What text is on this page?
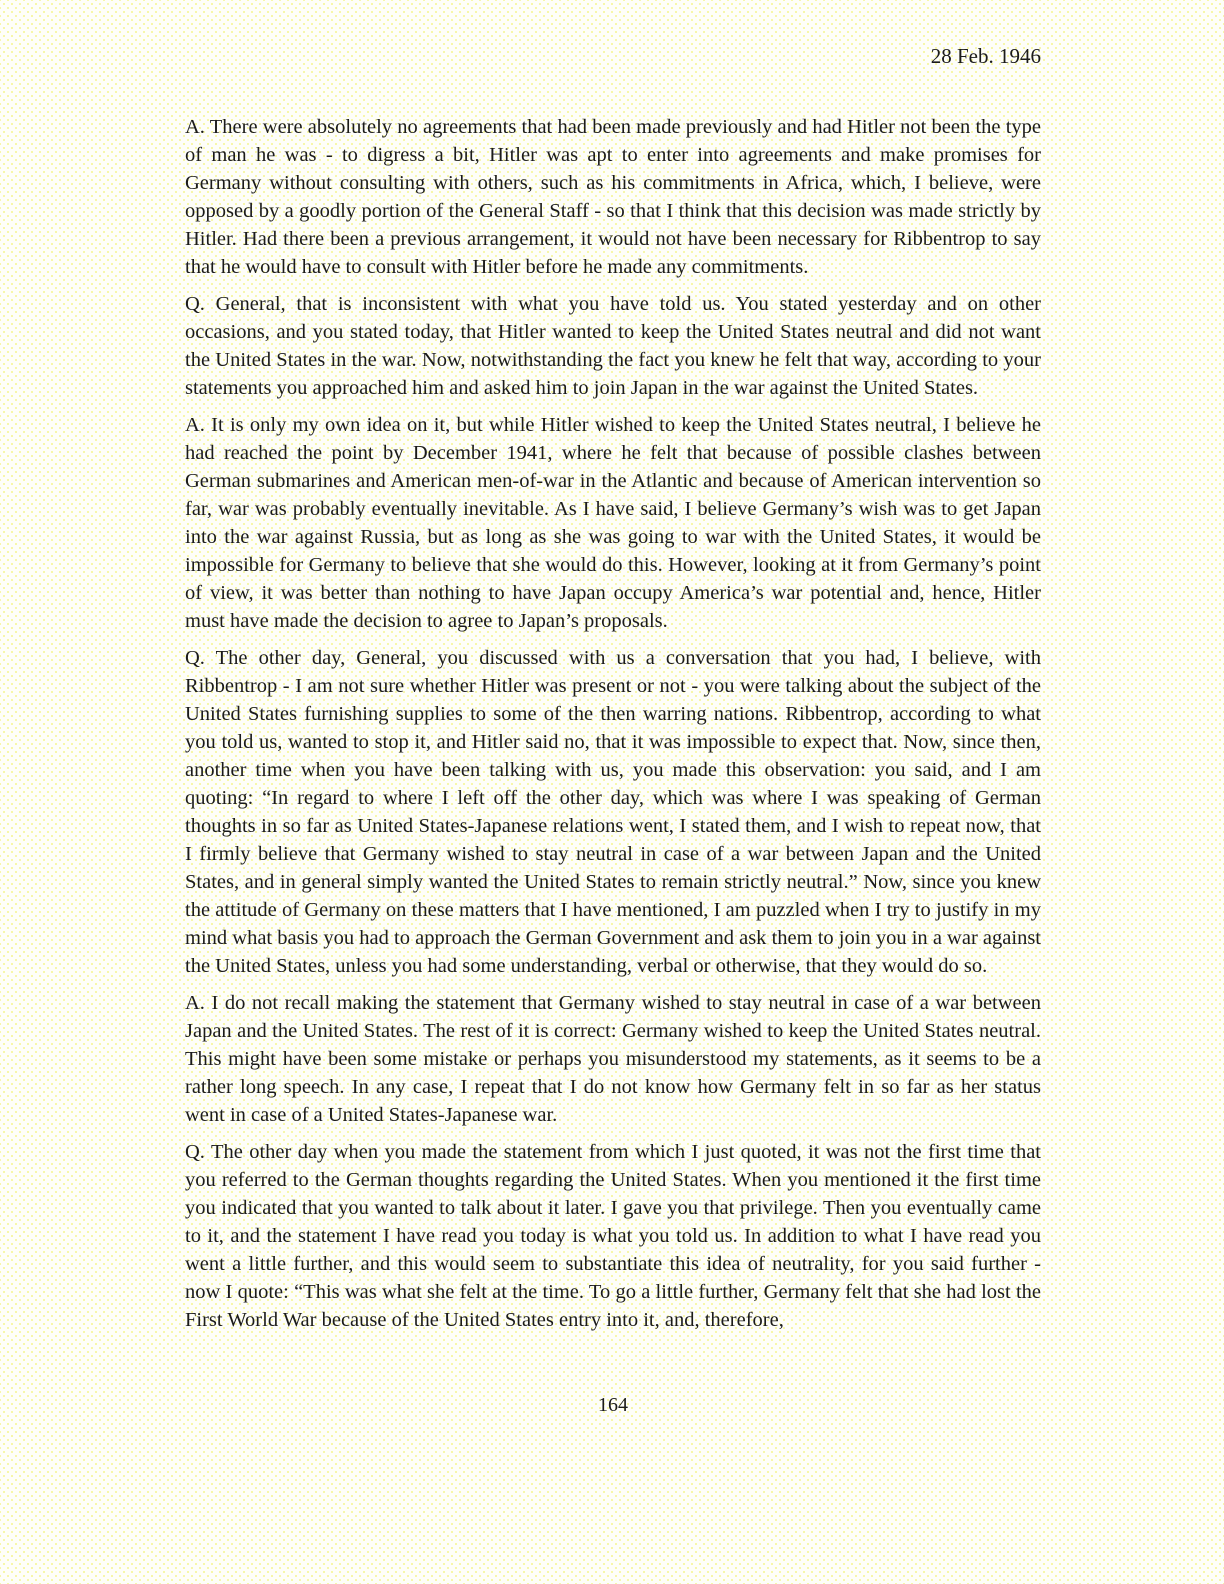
28 Feb. 1946

A. There were absolutely no agreements that had been made previously and had Hitler not been the type of man he was - to digress a bit, Hitler was apt to enter into agreements and make promises for Germany without consulting with others, such as his commitments in Africa, which, I believe, were opposed by a goodly portion of the General Staff - so that I think that this decision was made strictly by Hitler. Had there been a previous arrangement, it would not have been necessary for Ribbentrop to say that he would have to consult with Hitler before he made any commitments.

Q. General, that is inconsistent with what you have told us. You stated yesterday and on other occasions, and you stated today, that Hitler wanted to keep the United States neutral and did not want the United States in the war. Now, notwithstanding the fact you knew he felt that way, according to your statements you approached him and asked him to join Japan in the war against the United States.

A. It is only my own idea on it, but while Hitler wished to keep the United States neutral, I believe he had reached the point by December 1941, where he felt that because of possible clashes between German submarines and American men-of-war in the Atlantic and because of American intervention so far, war was probably eventually inevitable. As I have said, I believe Germany’s wish was to get Japan into the war against Russia, but as long as she was going to war with the United States, it would be impossible for Germany to believe that she would do this. However, looking at it from Germany’s point of view, it was better than nothing to have Japan occupy America’s war potential and, hence, Hitler must have made the decision to agree to Japan’s proposals.

Q. The other day, General, you discussed with us a conversation that you had, I believe, with Ribbentrop - I am not sure whether Hitler was present or not - you were talking about the subject of the United States furnishing supplies to some of the then warring nations. Ribbentrop, according to what you told us, wanted to stop it, and Hitler said no, that it was impossible to expect that. Now, since then, another time when you have been talking with us, you made this observation: you said, and I am quoting: “In regard to where I left off the other day, which was where I was speaking of German thoughts in so far as United States-Japanese relations went, I stated them, and I wish to repeat now, that I firmly believe that Germany wished to stay neutral in case of a war between Japan and the United States, and in general simply wanted the United States to remain strictly neutral.” Now, since you knew the attitude of Germany on these matters that I have mentioned, I am puzzled when I try to justify in my mind what basis you had to approach the German Government and ask them to join you in a war against the United States, unless you had some understanding, verbal or otherwise, that they would do so.

A. I do not recall making the statement that Germany wished to stay neutral in case of a war between Japan and the United States. The rest of it is correct: Germany wished to keep the United States neutral. This might have been some mistake or perhaps you misunderstood my statements, as it seems to be a rather long speech. In any case, I repeat that I do not know how Germany felt in so far as her status went in case of a United States-Japanese war.

Q. The other day when you made the statement from which I just quoted, it was not the first time that you referred to the German thoughts regarding the United States. When you mentioned it the first time you indicated that you wanted to talk about it later. I gave you that privilege. Then you eventually came to it, and the statement I have read you today is what you told us. In addition to what I have read you went a little further, and this would seem to substantiate this idea of neutrality, for you said further - now I quote: “This was what she felt at the time. To go a little further, Germany felt that she had lost the First World War because of the United States entry into it, and, therefore,

164
